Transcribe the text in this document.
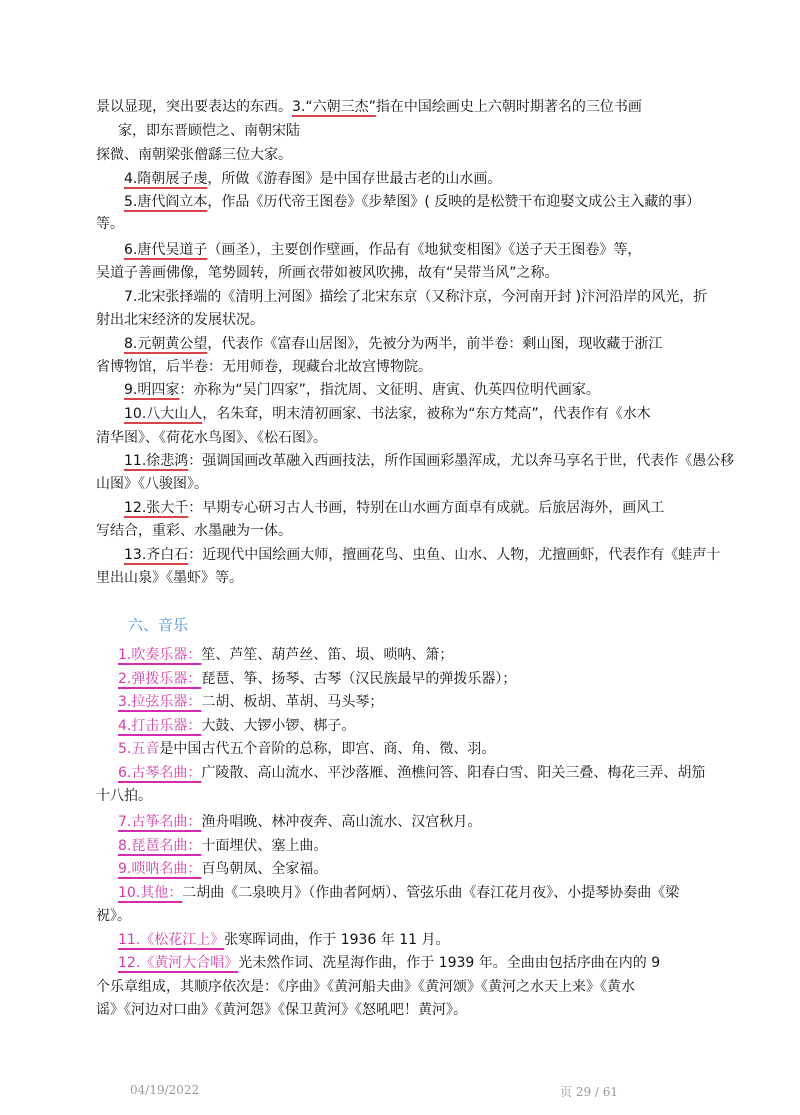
景以显现，突出要表达的东西。3.“六朝三杰”指在中国绘画史上六朝时期著名的三位书画
家，即东晋顾恺之、南朝宋陆
探微、南朝梁张僧繇三位大家。
4.隋朝展子虔，所做《游春图》是中国存世最古老的山水画。
5.唐代阎立本，作品《历代帝王图卷》《步辇图》( 反映的是松赞干布迎娶文成公主入藏的事）
等。
6.唐代吴道子（画圣），主要创作壁画，作品有《地狱变相图》《送子天王图卷》等，
吴道子善画佛像，笔势圆转，所画衣带如被风吹拂，故有“吴带当风”之称。
7.北宋张择端的《清明上河图》描绘了北宋东京（又称汴京，今河南开封 )汴河沿岸的风光，折
射出北宋经济的发展状况。
8.元朝黄公望，代表作《富春山居图》，先被分为两半，前半卷：剩山图，现收藏于浙江
省博物馆，后半卷：无用师卷，现藏台北故宫博物院。
9.明四家：亦称为“吴门四家”，指沈周、文征明、唐寅、仇英四位明代画家。
10.八大山人，名朱耷，明末清初画家、书法家，被称为“东方梵高”，代表作有《水木
清华图》、《荷花水鸟图》、《松石图》。
11.徐悲鸿：强调国画改革融入西画技法，所作国画彩墨浑成，尤以奔马享名于世，代表作《愚公移
山图》《八骏图》。
12.张大千：早期专心研习古人书画，特别在山水画方面卓有成就。后旅居海外，画风工
写结合，重彩、水墨融为一体。
13.齐白石：近现代中国绘画大师，擅画花鸟、虫鱼、山水、人物，尤擅画虾，代表作有《蛙声十
里出山泉》《墨虾》等。
六、音乐
1.吹奏乐器：笙、芦笙、葫芦丝、笛、埙、唢呐、箫；
2.弹拨乐器：琵琶、筝、扬琴、古琴（汉民族最早的弹拨乐器）；
3.拉弦乐器：二胡、板胡、革胡、马头琴；
4.打击乐器：大鼓、大锣小锣、梆子。
5.五音是中国古代五个音阶的总称，即宫、商、角、徵、羽。
6.古琴名曲：广陵散、高山流水、平沙落雁、渔樵问答、阳春白雪、阳关三叠、梅花三弄、胡笳
十八拍。
7.古筝名曲：渔舟唱晚、林冲夜奔、高山流水、汉宫秋月。
8.琵琶名曲：十面埋伏、塞上曲。
9.唢呐名曲：百鸟朝凤、全家福。
10.其他：二胡曲《二泉映月》（作曲者阿炳）、管弦乐曲《春江花月夜》、小提琴协奏曲《梁
祝》。
11.《松花江上》张寒晖词曲，作于 1936 年 11 月。
12.《黄河大合唱》光未然作词、冼星海作曲，作于 1939 年。全曲由包括序曲在内的 9
个乐章组成，其顺序依次是：《序曲》《黄河船夫曲》《黄河颂》《黄河之水天上来》《黄水
谣》《河边对口曲》《黄河怨》《保卫黄河》《怒吼吧！黄河》。
04/19/2022	页 29 / 61
